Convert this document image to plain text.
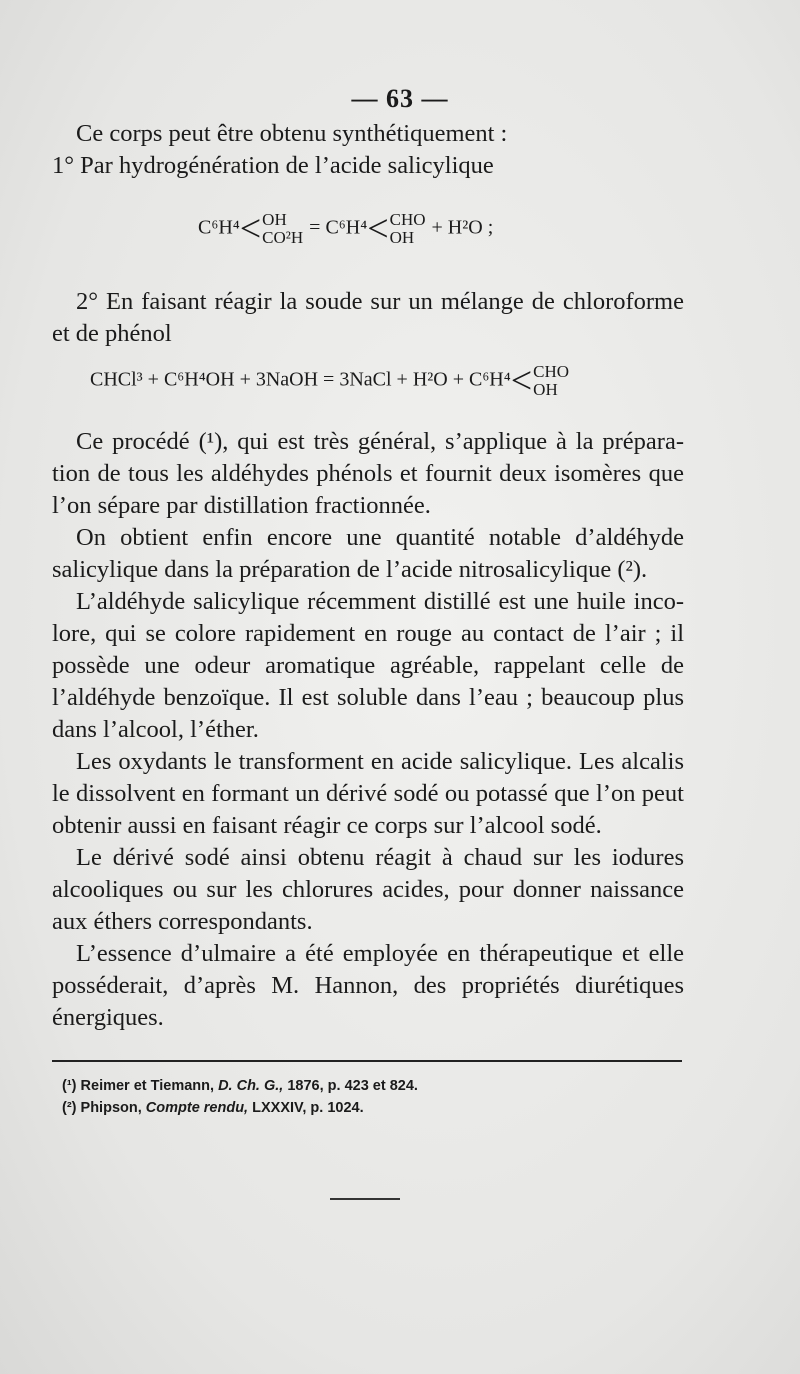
— 63 —

Ce corps peut être obtenu synthétiquement :

1° Par hydrogénération de l’acide salicylique

C⁶H⁴< OH
CO²H = C⁶H⁴< CHO
OH + H²O ;

2° En faisant réagir la soude sur un mélange de chloroforme et de phénol

CHCl³ + C⁶H⁴OH + 3NaOH = 3NaCl + H²O + C⁶H⁴< CHO
OH

Ce procédé (¹), qui est très général, s’applique à la préparation de tous les aldéhydes phénols et fournit deux isomères que l’on sépare par distillation fractionnée.

On obtient enfin encore une quantité notable d’aldéhyde salicylique dans la préparation de l’acide nitrosalicylique (²).

L’aldéhyde salicylique récemment distillé est une huile incolore, qui se colore rapidement en rouge au contact de l’air ; il possède une odeur aromatique agréable, rappelant celle de l’aldéhyde benzoïque. Il est soluble dans l’eau ; beaucoup plus dans l’alcool, l’éther.

Les oxydants le transforment en acide salicylique. Les alcalis le dissolvent en formant un dérivé sodé ou potassé que l’on peut obtenir aussi en faisant réagir ce corps sur l’alcool sodé.

Le dérivé sodé ainsi obtenu réagit à chaud sur les iodures alcooliques ou sur les chlorures acides, pour donner naissance aux éthers correspondants.

L’essence d’ulmaire a été employée en thérapeutique et elle posséderait, d’après M. Hannon, des propriétés diurétiques énergiques.

(¹) Reimer et Tiemann, D. Ch. G., 1876, p. 423 et 824.
(²) Phipson, Compte rendu, LXXXIV, p. 1024.
